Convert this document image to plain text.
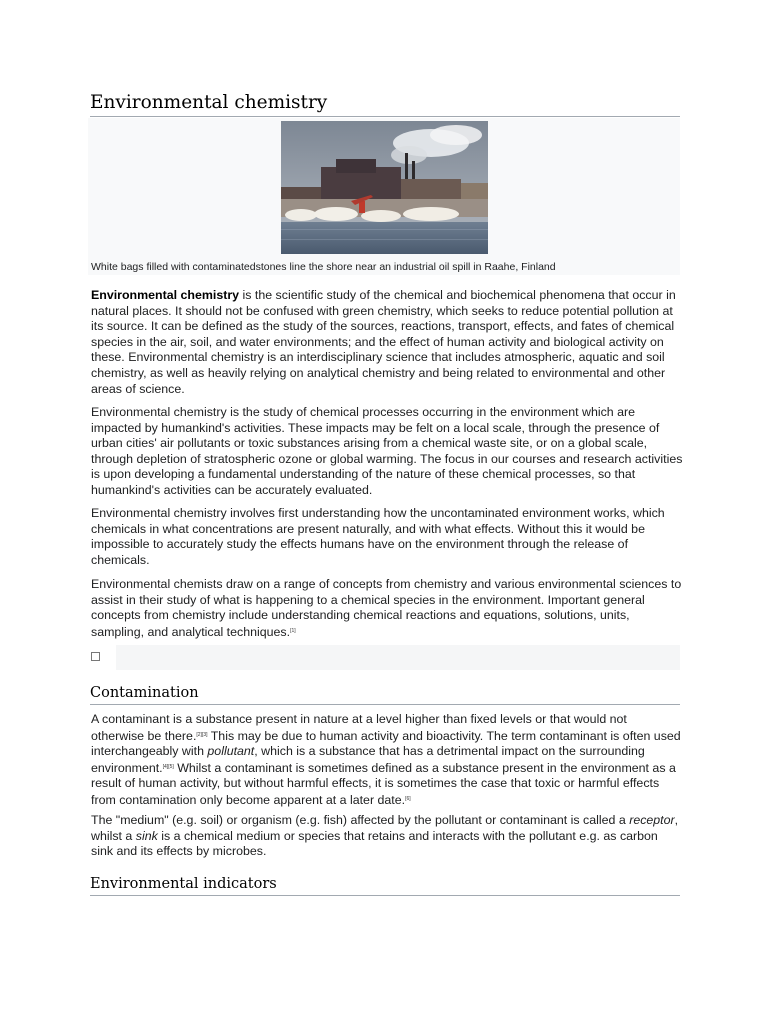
Environmental chemistry
White bags filled with contaminatedstones line the shore near an industrial oil spill in Raahe, Finland
Environmental chemistry is the scientific study of the chemical and biochemical phenomena that occur in natural places. It should not be confused with green chemistry, which seeks to reduce potential pollution at its source. It can be defined as the study of the sources, reactions, transport, effects, and fates of chemical species in the air, soil, and water environments; and the effect of human activity and biological activity on these. Environmental chemistry is an interdisciplinary science that includes atmospheric, aquatic and soil chemistry, as well as heavily relying on analytical chemistry and being related to environmental and other areas of science.
Environmental chemistry is the study of chemical processes occurring in the environment which are impacted by humankind's activities. These impacts may be felt on a local scale, through the presence of urban cities' air pollutants or toxic substances arising from a chemical waste site, or on a global scale, through depletion of stratospheric ozone or global warming. The focus in our courses and research activities is upon developing a fundamental understanding of the nature of these chemical processes, so that humankind's activities can be accurately evaluated.
Environmental chemistry involves first understanding how the uncontaminated environment works, which chemicals in what concentrations are present naturally, and with what effects. Without this it would be impossible to accurately study the effects humans have on the environment through the release of chemicals.
Environmental chemists draw on a range of concepts from chemistry and various environmental sciences to assist in their study of what is happening to a chemical species in the environment. Important general concepts from chemistry include understanding chemical reactions and equations, solutions, units, sampling, and analytical techniques.[1]
Contamination
A contaminant is a substance present in nature at a level higher than fixed levels or that would not otherwise be there.[2][3] This may be due to human activity and bioactivity. The term contaminant is often used interchangeably with pollutant, which is a substance that has a detrimental impact on the surrounding environment.[4][5] Whilst a contaminant is sometimes defined as a substance present in the environment as a result of human activity, but without harmful effects, it is sometimes the case that toxic or harmful effects from contamination only become apparent at a later date.[6]
The "medium" (e.g. soil) or organism (e.g. fish) affected by the pollutant or contaminant is called a receptor, whilst a sink is a chemical medium or species that retains and interacts with the pollutant e.g. as carbon sink and its effects by microbes.
Environmental indicators
